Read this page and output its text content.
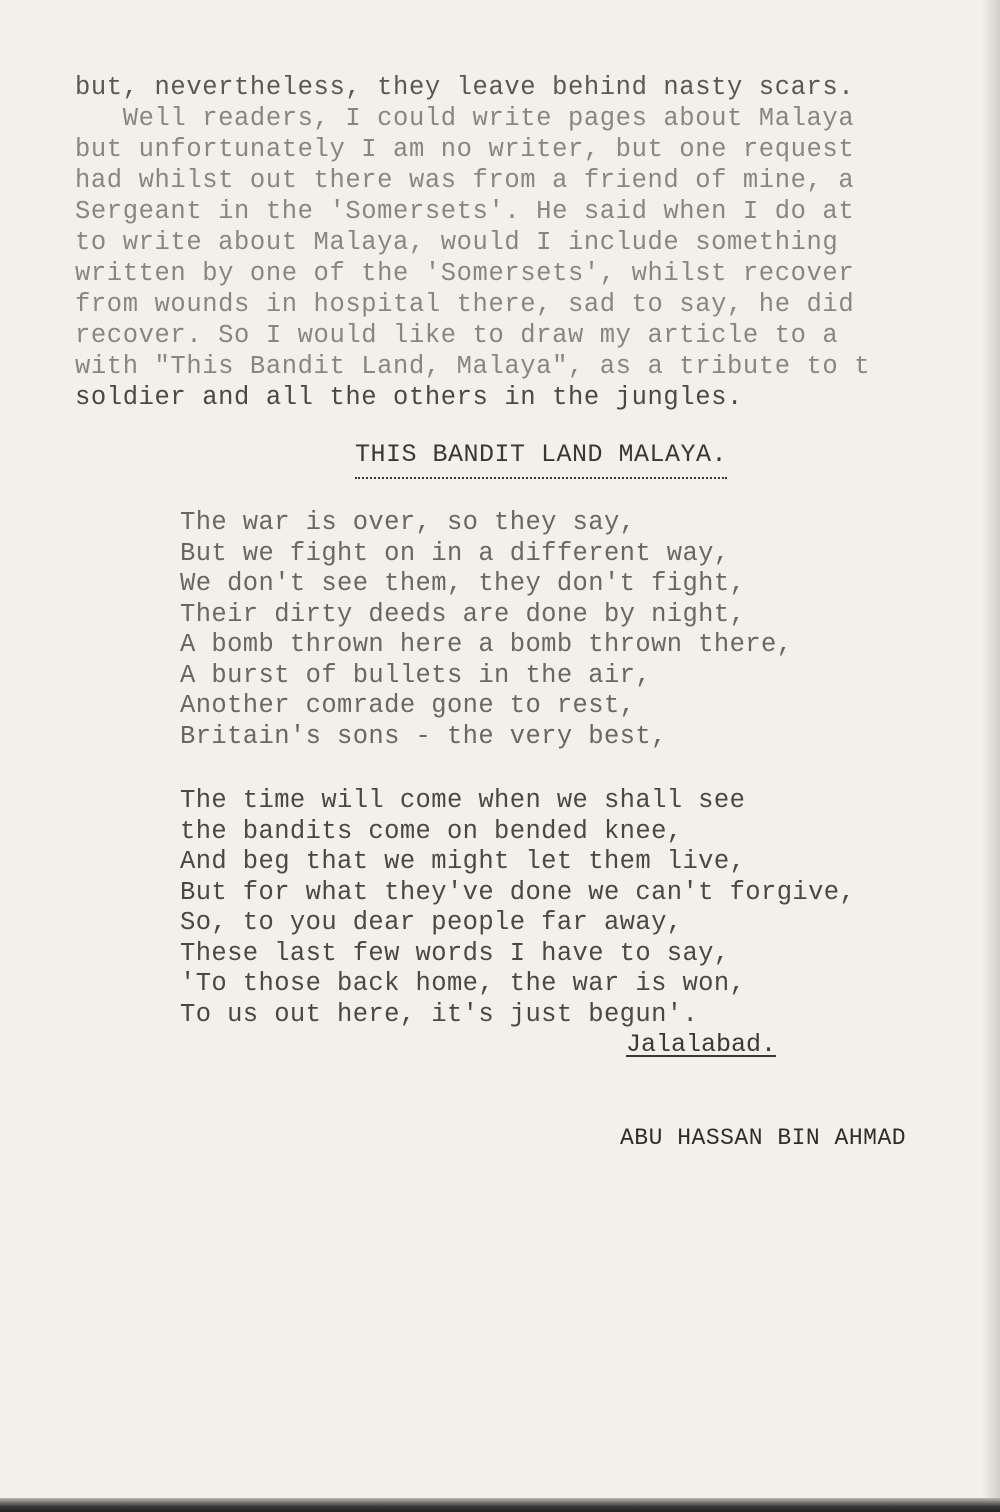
but, nevertheless, they leave behind nasty scars.
Well readers, I could write pages about Malaya
but unfortunately I am no writer, but one request
had whilst out there was from a friend of mine, a
Sergeant in the 'Somersets'. He said when I do at
to write about Malaya, would I include something
written by one of the 'Somersets', whilst recover
from wounds in hospital there, sad to say, he did
recover. So I would like to draw my article to a
with "This Bandit Land, Malaya", as a tribute to t
soldier and all the others in the jungles.
THIS BANDIT LAND MALAYA.
The war is over, so they say,
But we fight on in a different way,
We don't see them, they don't fight,
Their dirty deeds are done by night,
A bomb thrown here a bomb thrown there,
A burst of bullets in the air,
Another comrade gone to rest,
Britain's sons - the very best,
The time will come when we shall see
the bandits come on bended knee,
And beg that we might let them live,
But for what they've done we can't forgive,
So, to you dear people far away,
These last few words I have to say,
'To those back home, the war is won,
To us out here, it's just begun'.
Jalalabad.
ABU HASSAN BIN AHMAD
